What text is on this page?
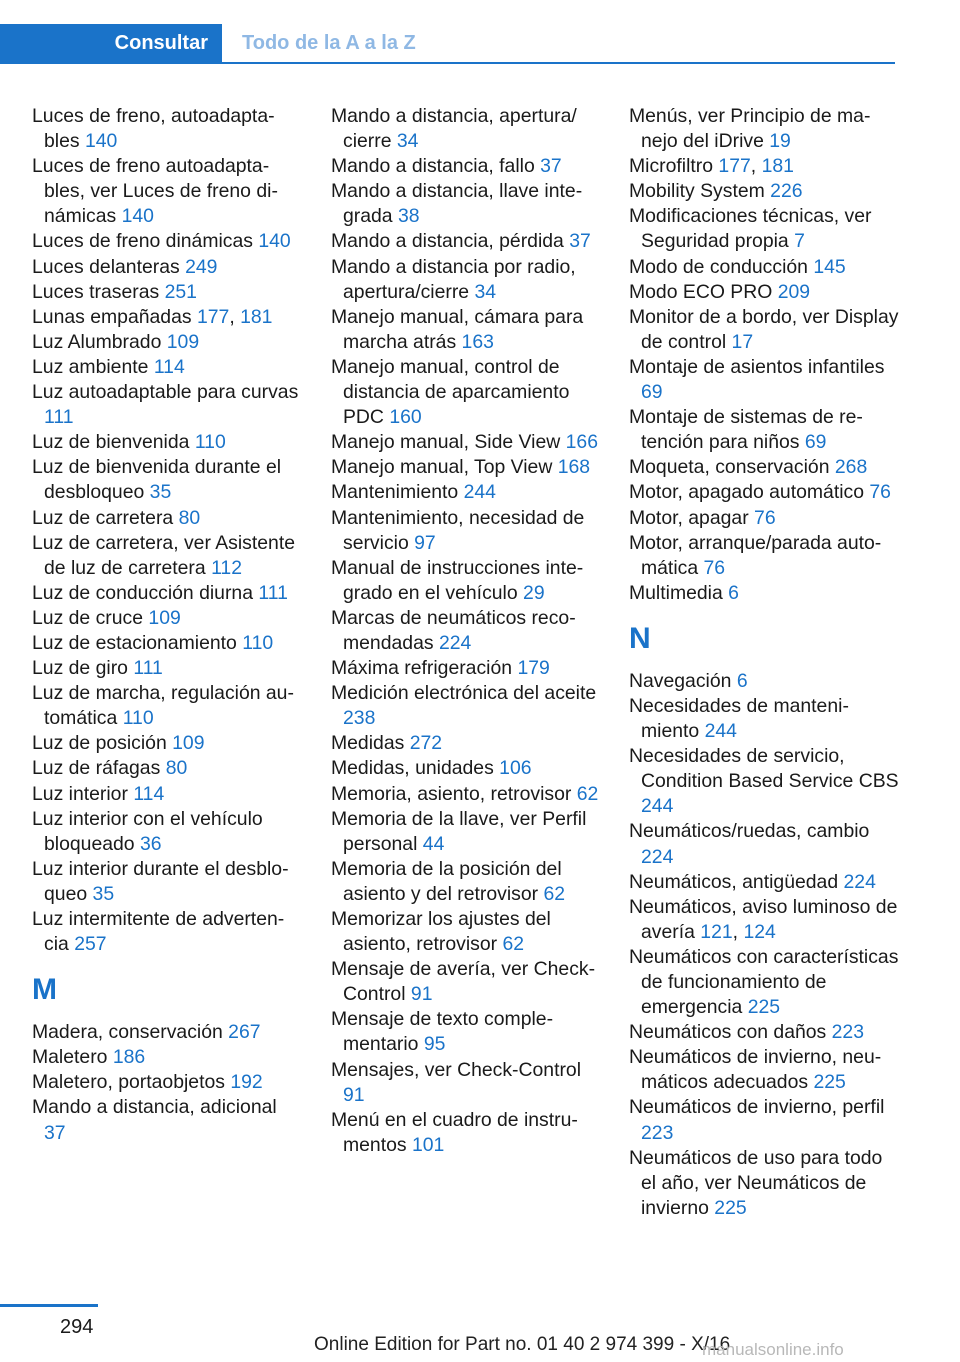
Consultar	Todo de la A a la Z

Luces de freno, autoadaptables 140

Luces de freno autoadaptables, ver Luces de freno dinámicas 140

Luces de freno dinámicas 140

Luces delanteras 249

Luces traseras 251

Lunas empañadas 177, 181

Luz Alumbrado 109

Luz ambiente 114

Luz autoadaptable para curvas 111

Luz de bienvenida 110

Luz de bienvenida durante el desbloqueo 35

Luz de carretera 80

Luz de carretera, ver Asistente de luz de carretera 112

Luz de conducción diurna 111

Luz de cruce 109

Luz de estacionamiento 110

Luz de giro 111

Luz de marcha, regulación automática 110

Luz de posición 109

Luz de ráfagas 80

Luz interior 114

Luz interior con el vehículo bloqueado 36

Luz interior durante el desbloqueo 35

Luz intermitente de advertencia 257

M

Madera, conservación 267

Maletero 186

Maletero, portaobjetos 192

Mando a distancia, adicional 37

Mando a distancia, apertura/ cierre 34

Mando a distancia, fallo 37

Mando a distancia, llave integrada 38

Mando a distancia, pérdida 37

Mando a distancia por radio, apertura/cierre 34

Manejo manual, cámara para marcha atrás 163

Manejo manual, control de distancia de aparcamiento PDC 160

Manejo manual, Side View 166

Manejo manual, Top View 168

Mantenimiento 244

Mantenimiento, necesidad de servicio 97

Manual de instrucciones integrado en el vehículo 29

Marcas de neumáticos recomendadas 224

Máxima refrigeración 179

Medición electrónica del aceite 238

Medidas 272

Medidas, unidades 106

Memoria, asiento, retrovisor 62

Memoria de la llave, ver Perfil personal 44

Memoria de la posición del asiento y del retrovisor 62

Memorizar los ajustes del asiento, retrovisor 62

Mensaje de avería, ver Check-Control 91

Mensaje de texto complementario 95

Mensajes, ver Check-Control 91

Menú en el cuadro de instrumentos 101

Menús, ver Principio de manejo del iDrive 19

Microfiltro 177, 181

Mobility System 226

Modificaciones técnicas, ver Seguridad propia 7

Modo de conducción 145

Modo ECO PRO 209

Monitor de a bordo, ver Display de control 17

Montaje de asientos infantiles 69

Montaje de sistemas de retención para niños 69

Moqueta, conservación 268

Motor, apagado automático 76

Motor, apagar 76

Motor, arranque/parada automática 76

Multimedia 6

N

Navegación 6

Necesidades de mantenimiento 244

Necesidades de servicio, Condition Based Service CBS 244

Neumáticos/ruedas, cambio 224

Neumáticos, antigüedad 224

Neumáticos, aviso luminoso de avería 121, 124

Neumáticos con características de funcionamiento de emergencia 225

Neumáticos con daños 223

Neumáticos de invierno, neumáticos adecuados 225

Neumáticos de invierno, perfil 223

Neumáticos de uso para todo el año, ver Neumáticos de invierno 225

294
Online Edition for Part no. 01 40 2 974 399 - X/16
manualsonline.info
